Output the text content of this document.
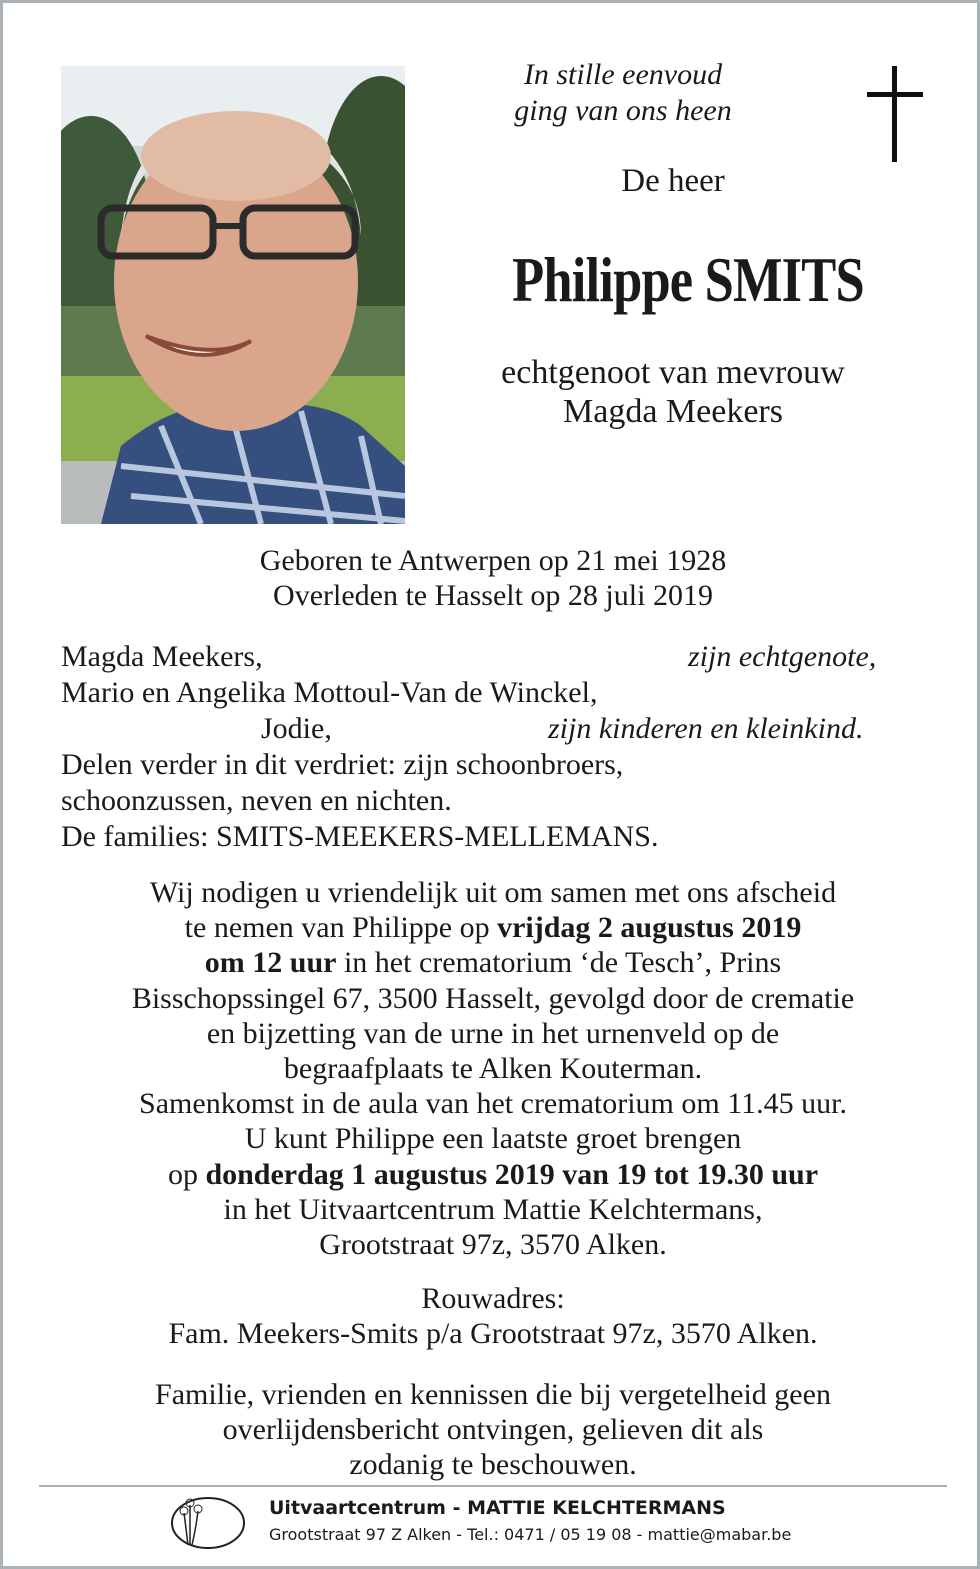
In stille eenvoud
ging van ons heen
De heer
Philippe SMITS
echtgenoot van mevrouw
Magda Meekers
Geboren te Antwerpen op 21 mei 1928
Overleden te Hasselt op 28 juli 2019
Magda Meekers,	zijn echtgenote,
Mario en Angelika Mottoul-Van de Winckel,
Jodie,	zijn kinderen en kleinkind.
Delen verder in dit verdriet: zijn schoonbroers,
schoonzussen, neven en nichten.
De families: SMITS-MEEKERS-MELLEMANS.
Wij nodigen u vriendelijk uit om samen met ons afscheid
te nemen van Philippe op vrijdag 2 augustus 2019
om 12 uur in het crematorium ‘de Tesch’, Prins
Bisschopssingel 67, 3500 Hasselt, gevolgd door de crematie
en bijzetting van de urne in het urnenveld op de
begraafplaats te Alken Kouterman.
Samenkomst in de aula van het crematorium om 11.45 uur.
U kunt Philippe een laatste groet brengen
op donderdag 1 augustus 2019 van 19 tot 19.30 uur
in het Uitvaartcentrum Mattie Kelchtermans,
Grootstraat 97z, 3570 Alken.
Rouwadres:
Fam. Meekers-Smits p/a Grootstraat 97z, 3570 Alken.
Familie, vrienden en kennissen die bij vergetelheid geen
overlijdensbericht ontvingen, gelieven dit als
zodanig te beschouwen.
Uitvaartcentrum - MATTIE KELCHTERMANS
Grootstraat 97 Z Alken - Tel.: 0471 / 05 19 08 - mattie@mabar.be
